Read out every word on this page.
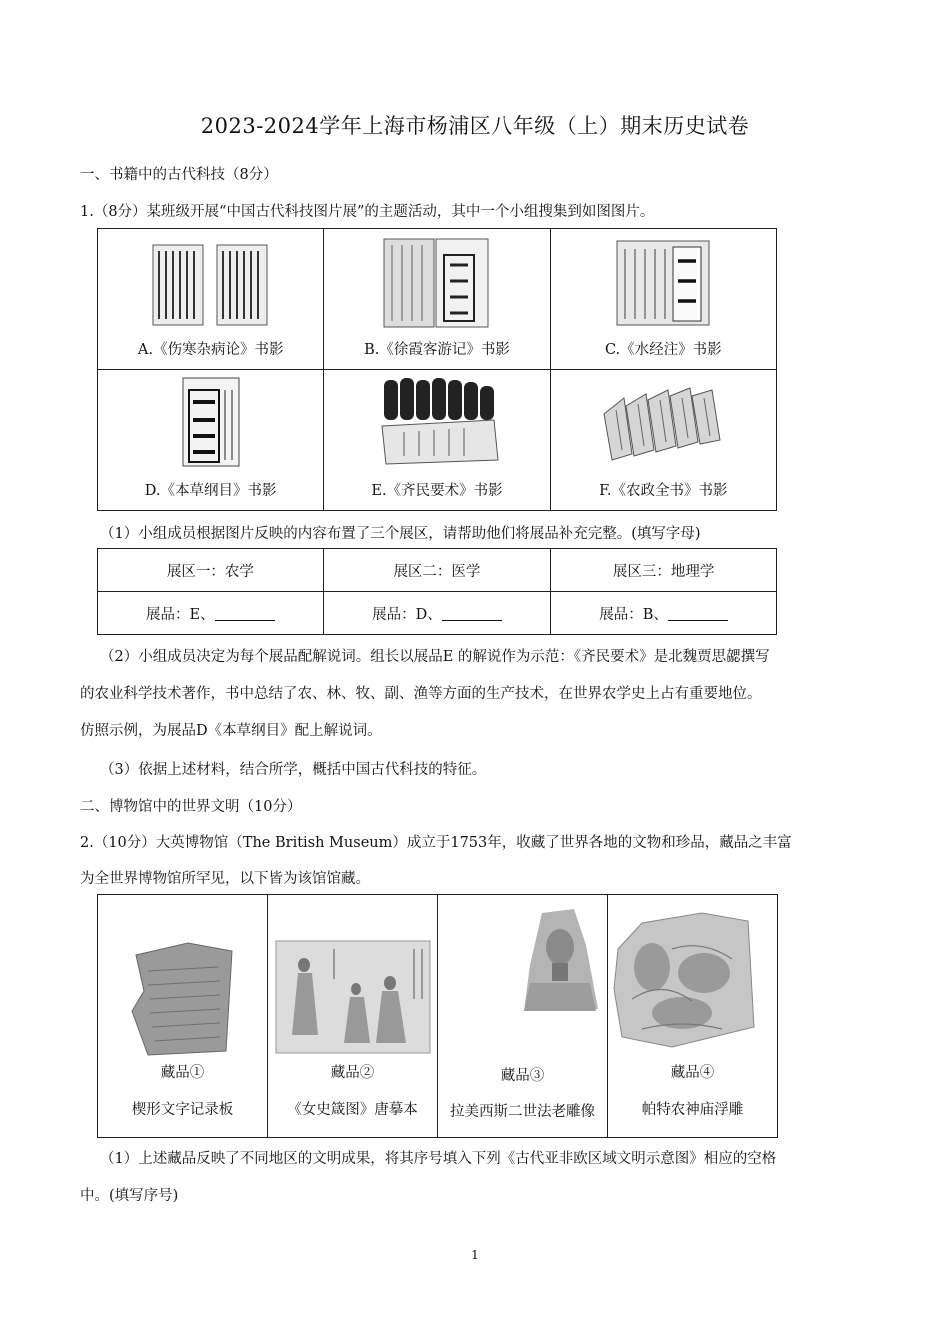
2023-2024学年上海市杨浦区八年级（上）期末历史试卷
一、书籍中的古代科技（8分）
1.（8分）某班级开展“中国古代科技图片展”的主题活动，其中一个小组搜集到如图图片。
A.《伤寒杂病论》书影	B.《徐霞客游记》书影	C.《水经注》书影

D.《本草纲目》书影	E.《齐民要术》书影	F.《农政全书》书影
（1）小组成员根据图片反映的内容布置了三个展区，请帮助他们将展品补充完整。(填写字母)
展区一：农学	展区二：医学	展区三：地理学
展品：E、	展品：D、	展品：B、
（2）小组成员决定为每个展品配解说词。组长以展品E 的解说作为示范：《齐民要术》是北魏贾思勰撰写
的农业科学技术著作，书中总结了农、林、牧、副、渔等方面的生产技术，在世界农学史上占有重要地位。
仿照示例，为展品D《本草纲目》配上解说词。
（3）依据上述材料，结合所学，概括中国古代科技的特征。
二、博物馆中的世界文明（10分）
2.（10分）大英博物馆（The British Museum）成立于1753年，收藏了世界各地的文物和珍品，藏品之丰富
为全世界博物馆所罕见，以下皆为该馆馆藏。
藏品①
楔形文字记录板

藏品②
《女史箴图》唐摹本

藏品③
拉美西斯二世法老雕像

藏品④
帕特农神庙浮雕
（1）上述藏品反映了不同地区的文明成果，将其序号填入下列《古代亚非欧区域文明示意图》相应的空格
中。(填写序号)
1
